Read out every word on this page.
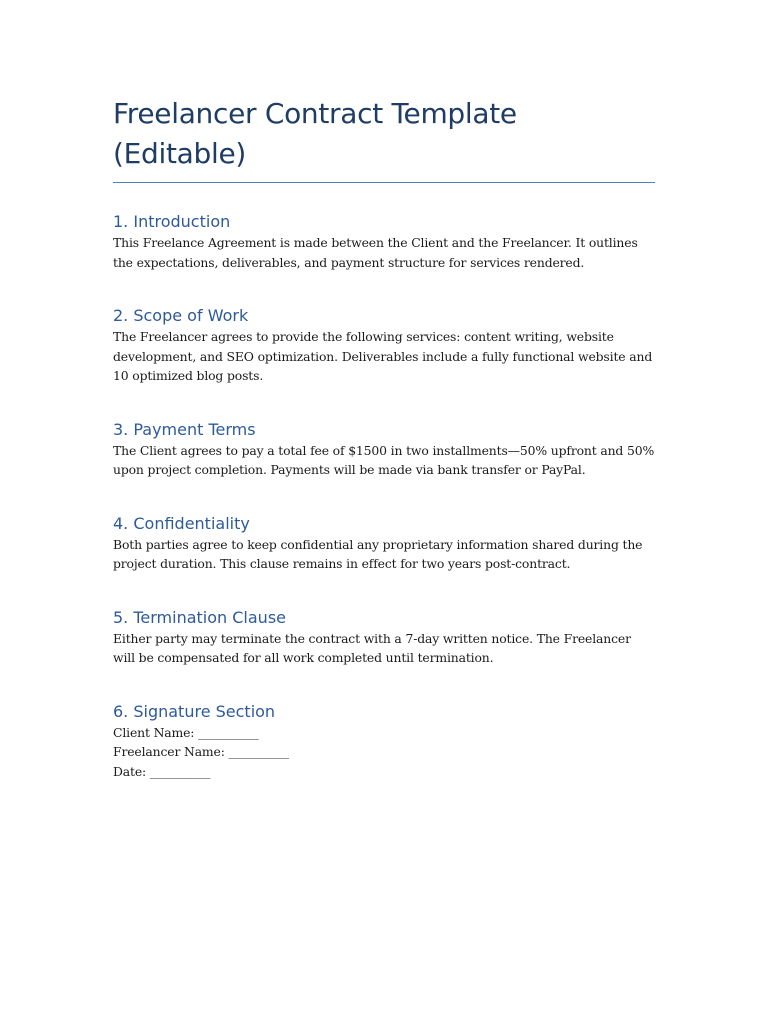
Freelancer Contract Template (Editable)
1. Introduction

This Freelance Agreement is made between the Client and the Freelancer. It outlines the expectations, deliverables, and payment structure for services rendered.

2. Scope of Work

The Freelancer agrees to provide the following services: content writing, website development, and SEO optimization. Deliverables include a fully functional website and 10 optimized blog posts.

3. Payment Terms

The Client agrees to pay a total fee of $1500 in two installments—50% upfront and 50% upon project completion. Payments will be made via bank transfer or PayPal.

4. Confidentiality

Both parties agree to keep confidential any proprietary information shared during the project duration. This clause remains in effect for two years post-contract.

5. Termination Clause

Either party may terminate the contract with a 7-day written notice. The Freelancer will be compensated for all work completed until termination.

6. Signature Section
Client Name: __________
Freelancer Name: __________
Date: __________
